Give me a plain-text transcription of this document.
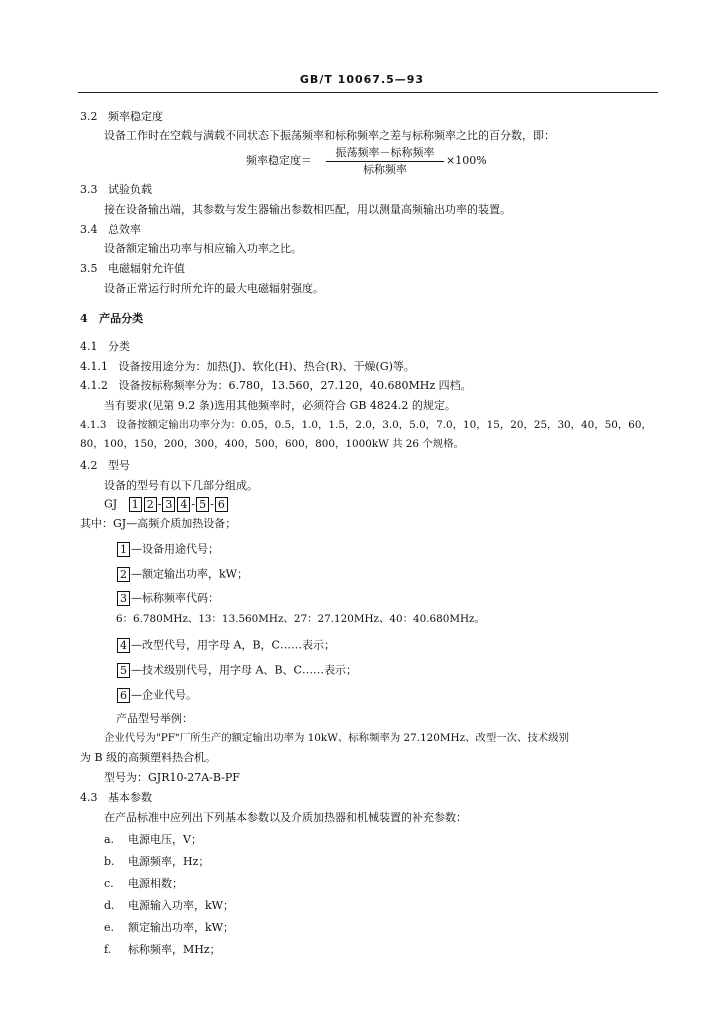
GB/T 10067.5—93
3.2 频率稳定度
设备工作时在空载与满载不同状态下振荡频率和标称频率之差与标称频率之比的百分数，即：
频率稳定度＝
振荡频率－标称频率
标称频率
×100%
3.3 试验负载
接在设备输出端，其参数与发生器输出参数相匹配，用以测量高频输出功率的装置。
3.4 总效率
设备额定输出功率与相应输入功率之比。
3.5 电磁辐射允许值
设备正常运行时所允许的最大电磁辐射强度。
4 产品分类
4.1 分类
4.1.1 设备按用途分为：加热(J)、软化(H)、热合(R)、干燥(G)等。
4.1.2 设备按标称频率分为：6.780，13.560，27.120，40.680MHz 四档。
当有要求(见第 9.2 条)选用其他频率时，必须符合 GB 4824.2 的规定。
4.1.3 设备按额定输出功率分为：0.05，0.5，1.0，1.5，2.0，3.0，5.0，7.0，10，15，20，25，30，40，50，60，
80，100，150，200，300，400，500，600，800，1000kW 共 26 个规格。
4.2 型号
设备的型号有以下几部分组成。
GJ 1 2 - 3 4 - 5 - 6
其中：GJ—高频介质加热设备；
1 —设备用途代号；
2 —额定输出功率，kW；
3 —标称频率代码：
6：6.780MHz、13：13.560MHz、27：27.120MHz、40：40.680MHz。
4 —改型代号，用字母 A，B，C……表示；
5 —技术级别代号，用字母 A、B、C……表示；
6 —企业代号。
产品型号举例：
企业代号为"PF"厂所生产的额定输出功率为 10kW、标称频率为 27.120MHz、改型一次、技术级别
为 B 级的高频塑料热合机。
型号为：GJR10-27A-B-PF
4.3 基本参数
在产品标准中应列出下列基本参数以及介质加热器和机械装置的补充参数：
a. 电源电压，V；
b. 电源频率，Hz；
c. 电源相数；
d. 电源输入功率，kW；
e. 额定输出功率，kW；
f. 标称频率，MHz；
